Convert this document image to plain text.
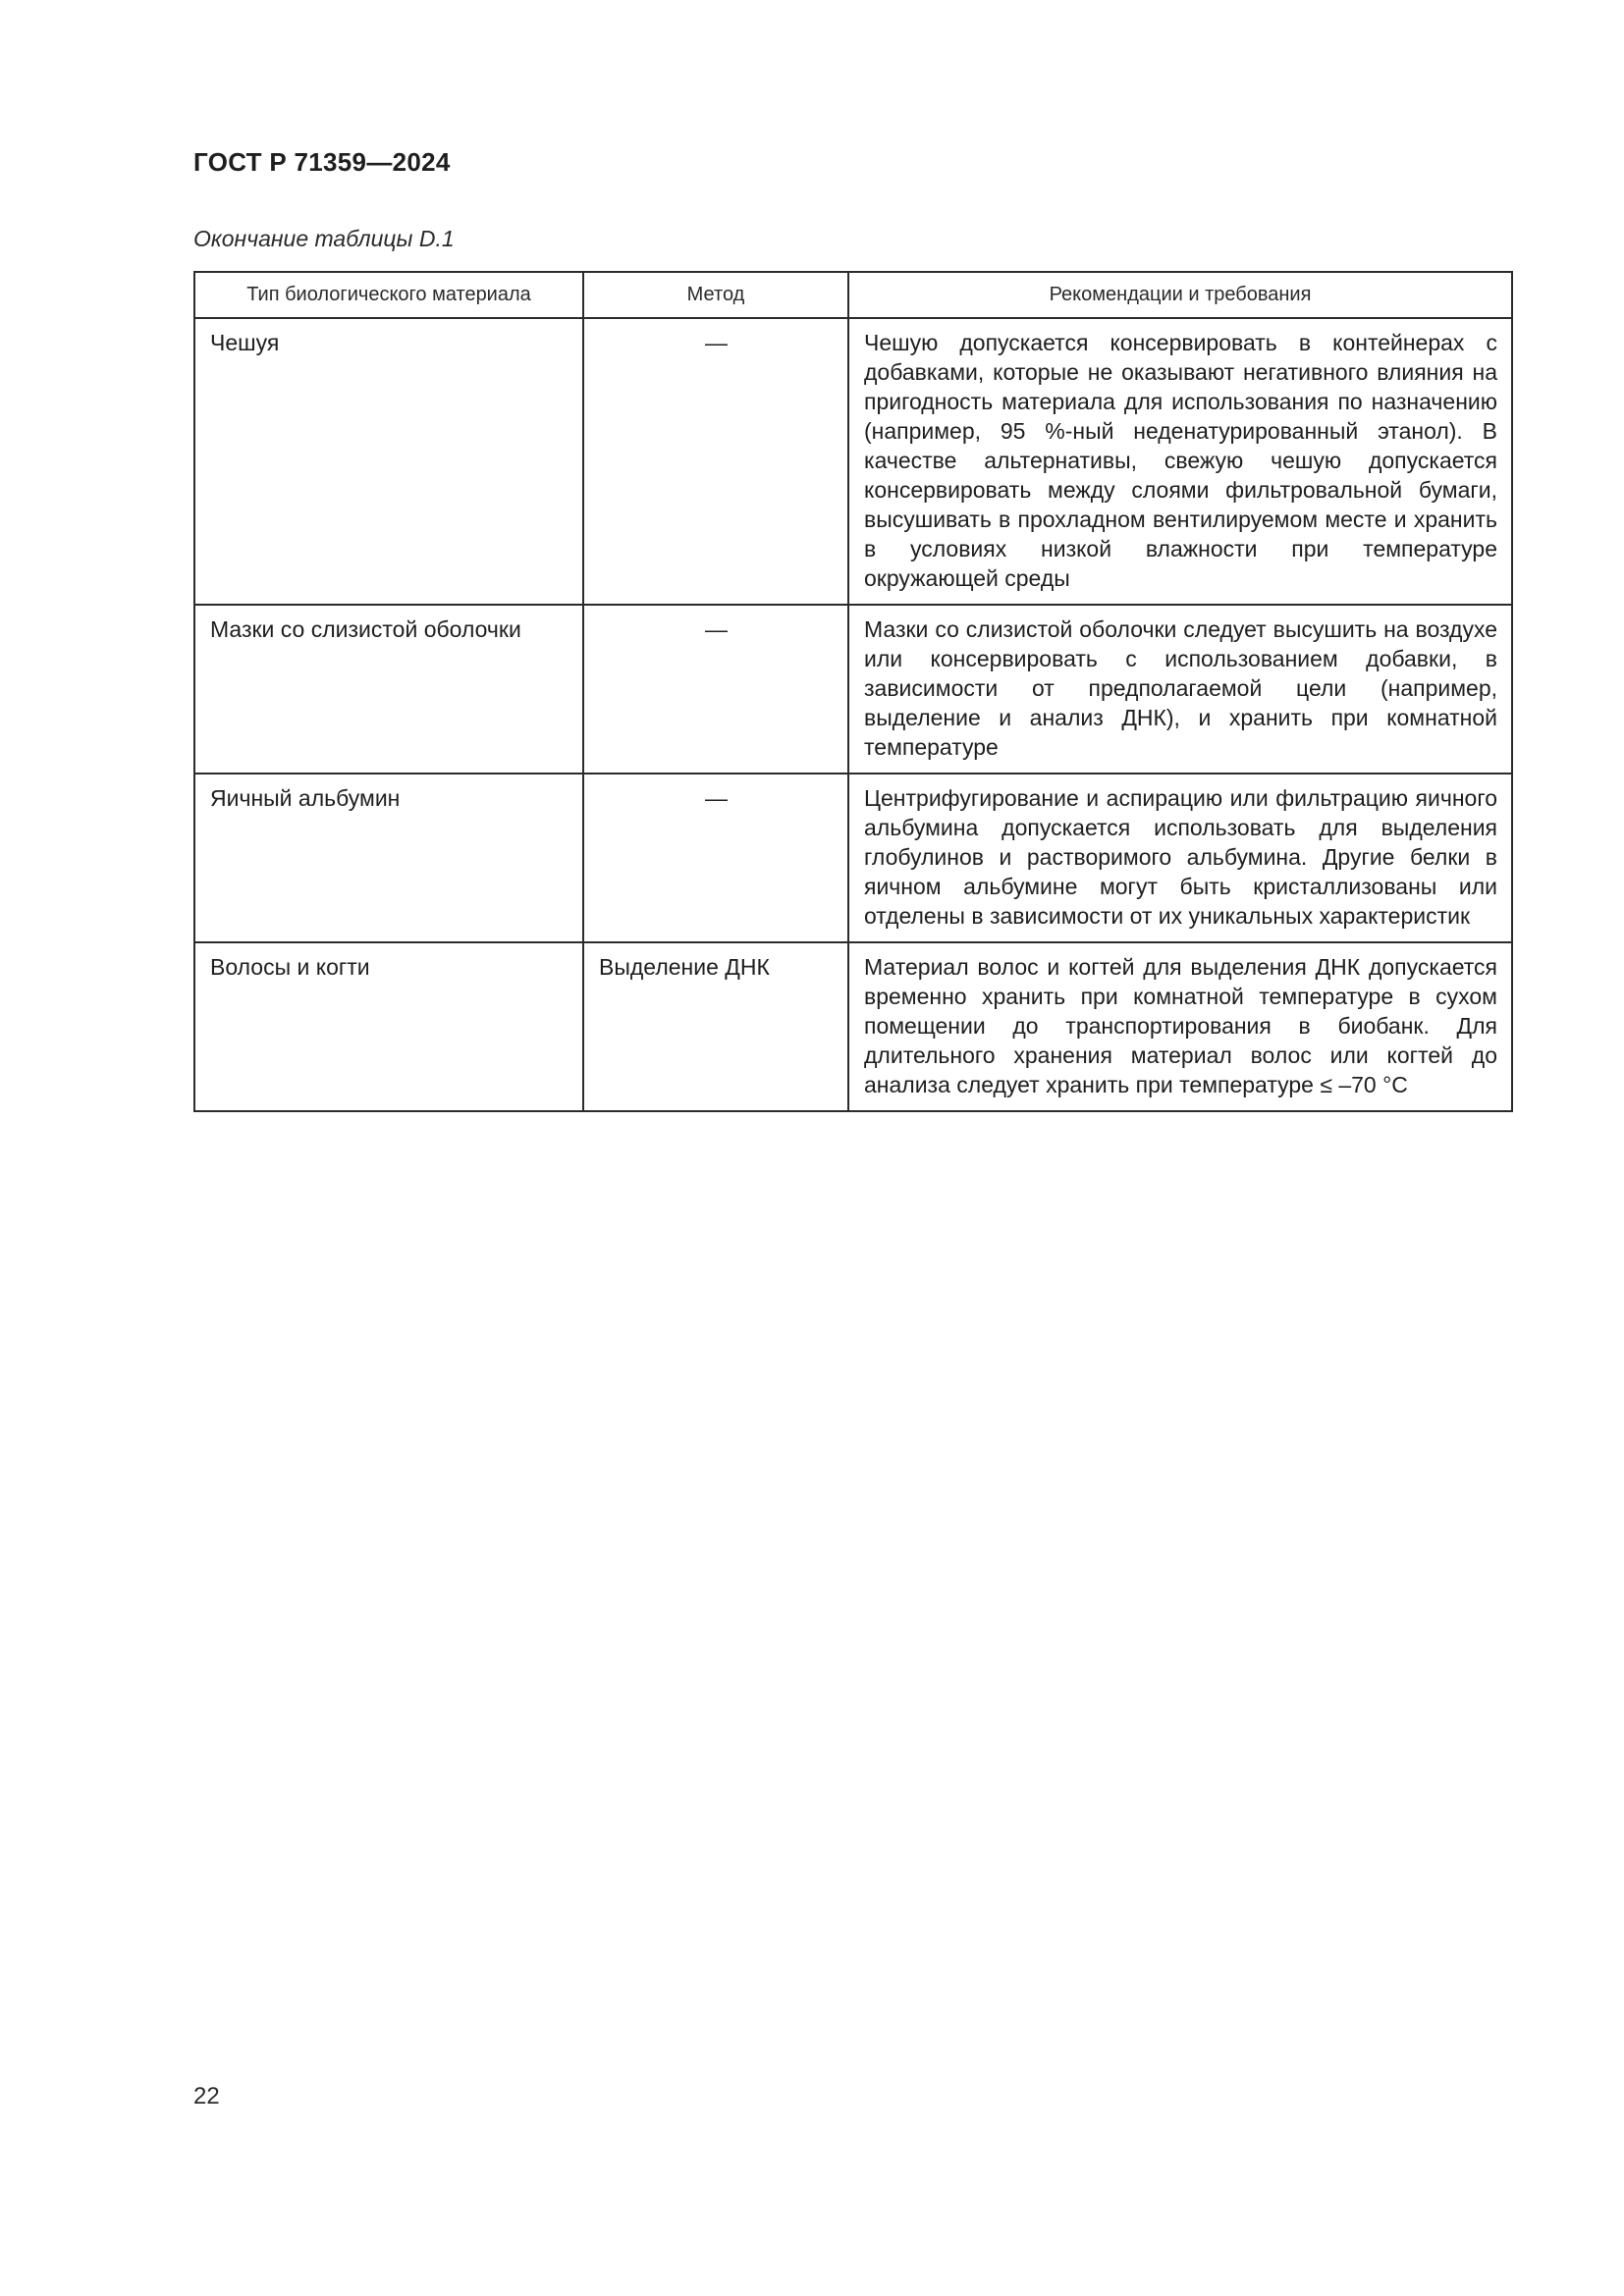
ГОСТ Р 71359—2024
Окончание таблицы D.1
Тип биологического материала	Метод	Рекомендации и требования
Чешуя	—	Чешую допускается консервировать в контейнерах с добавками, которые не оказывают негативного влияния на пригодность материала для использования по назначению (например, 95 %-ный неденатурированный этанол). В качестве альтернативы, свежую чешую допускается консервировать между слоями фильтровальной бумаги, высушивать в прохладном вентилируемом месте и хранить в условиях низкой влажности при температуре окружающей среды
Мазки со слизистой оболочки	—	Мазки со слизистой оболочки следует высушить на воздухе или консервировать с использованием добавки, в зависимости от предполагаемой цели (например, выделение и анализ ДНК), и хранить при комнатной температуре
Яичный альбумин	—	Центрифугирование и аспирацию или фильтрацию яичного альбумина допускается использовать для выделения глобулинов и растворимого альбумина. Другие белки в яичном альбумине могут быть кристаллизованы или отделены в зависимости от их уникальных характеристик
Волосы и когти	Выделение ДНК	Материал волос и когтей для выделения ДНК допускается временно хранить при комнатной температуре в сухом помещении до транспортирования в биобанк. Для длительного хранения материал волос или когтей до анализа следует хранить при температуре ≤ –70 °C
22
